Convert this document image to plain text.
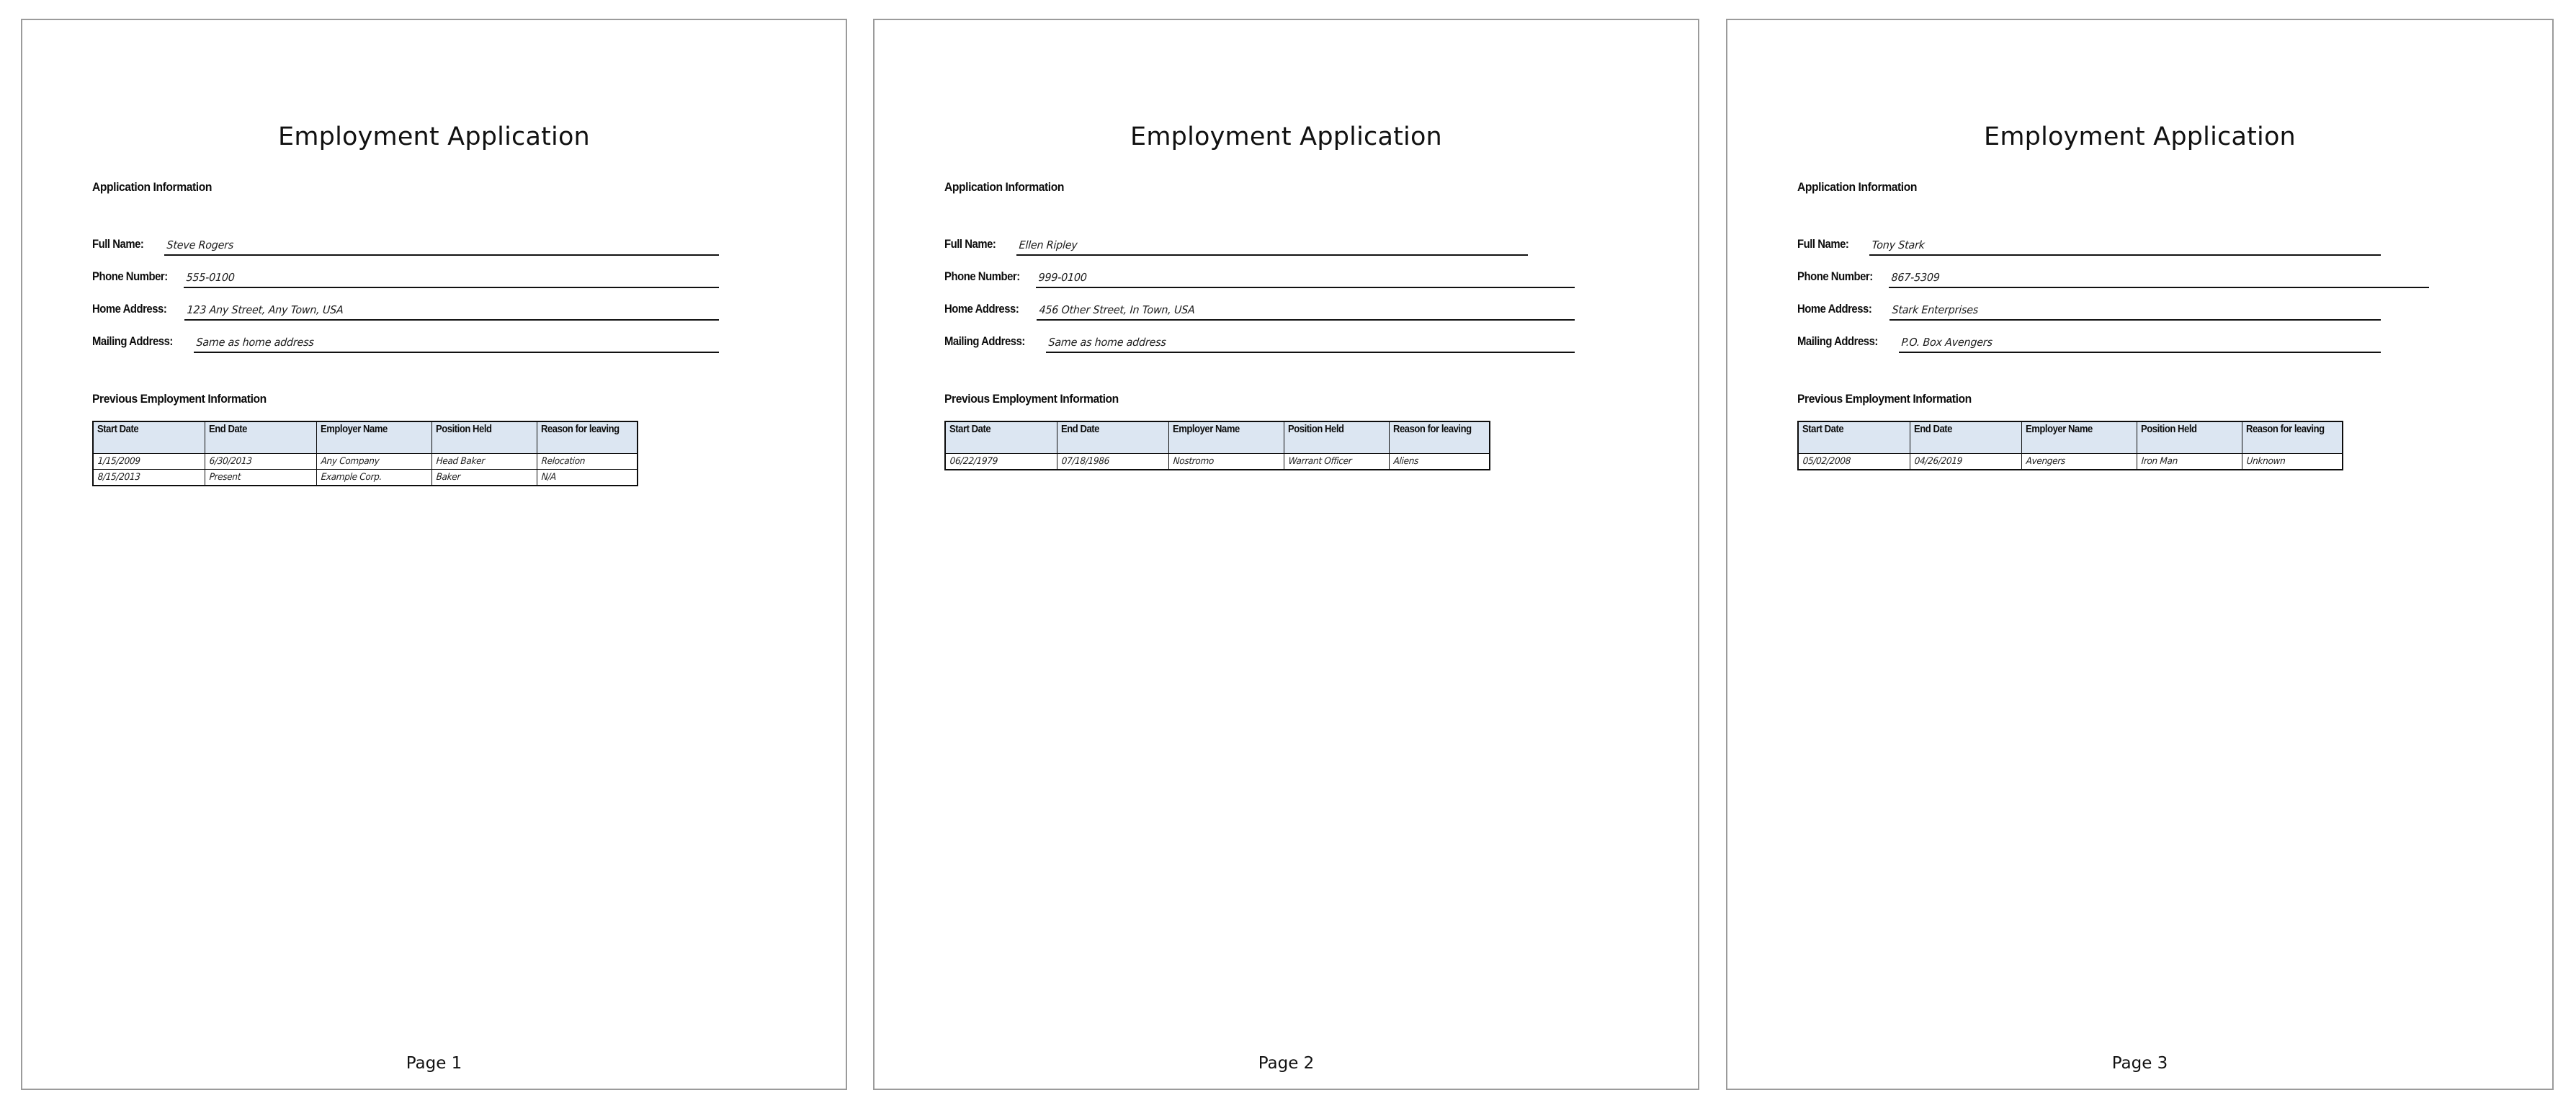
Employment Application
Application Information
Previous Employment Information
Full Name: Steve Rogers
Phone Number: 555-0100
Home Address: 123 Any Street, Any Town, USA
Mailing Address: Same as home address
Start Date	End Date	Employer Name	Position Held	Reason for leaving
1/15/2009	6/30/2013	Any Company	Head Baker	Relocation
8/15/2013	Present	Example Corp.	Baker	N/A
Page 1
Employment Application
Application Information
Previous Employment Information
Full Name: Ellen Ripley
Phone Number: 999-0100
Home Address: 456 Other Street, In Town, USA
Mailing Address: Same as home address
Start Date	End Date	Employer Name	Position Held	Reason for leaving
06/22/1979	07/18/1986	Nostromo	Warrant Officer	Aliens
Page 2
Employment Application
Application Information
Previous Employment Information
Full Name: Tony Stark
Phone Number: 867-5309
Home Address: Stark Enterprises
Mailing Address: P.O. Box Avengers
Start Date	End Date	Employer Name	Position Held	Reason for leaving
05/02/2008	04/26/2019	Avengers	Iron Man	Unknown
Page 3
